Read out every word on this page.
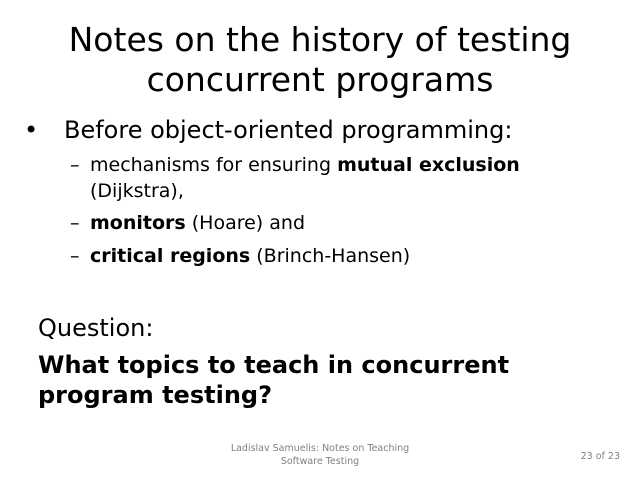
Notes on the history of testing
concurrent programs
• Before object-oriented programming:
– mechanisms for ensuring mutual exclusion (Dijkstra),
– monitors (Hoare) and
– critical regions (Brinch-Hansen)
Question:
What topics to teach in concurrent program testing?
Ladislav Samuelis: Notes on Teaching
Software Testing	23 of 23
